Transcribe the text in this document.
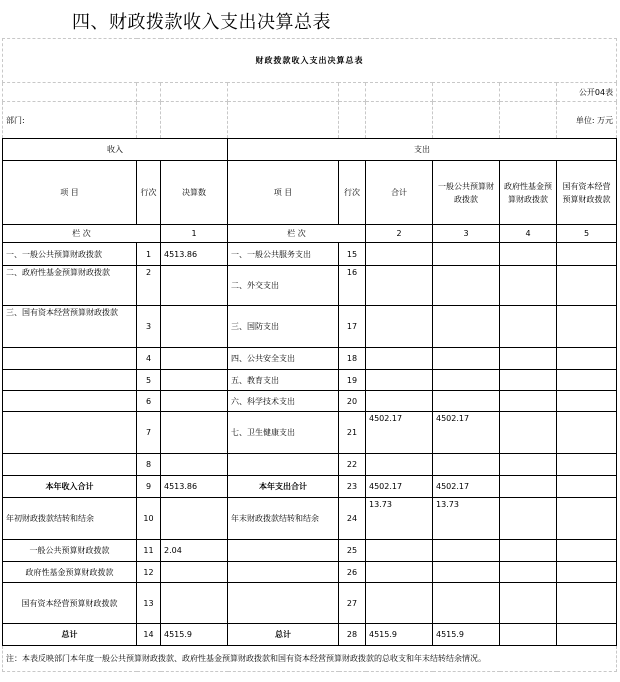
四、财政拨款收入支出决算总表
财政拨款收入支出决算总表								
								公开04表
部门:								单位: 万元
收入			支出					
项 目	行次	决算数	项 目	行次	合计	一般公共预算财政拨款	政府性基金预算财政拨款	国有资本经营预算财政拨款
栏 次		1	栏 次		2	3	4	5
一、一般公共预算财政拨款	1	4513.86	一、一般公共服务支出	15				
二、政府性基金预算财政拨款	2		二、外交支出	16				
三、国有资本经营预算财政拨款	3		三、国防支出	17				
	4		四、公共安全支出	18				
	5		五、教育支出	19				
	6		六、科学技术支出	20				
	7		七、卫生健康支出	21	4502.17	4502.17		
	8			22				
本年收入合计	9	4513.86	本年支出合计	23	4502.17	4502.17		
年初财政拨款结转和结余	10		年末财政拨款结转和结余	24	13.73	13.73		
一般公共预算财政拨款	11	2.04		25				
政府性基金预算财政拨款	12			26				
国有资本经营预算财政拨款	13			27				
总计	14	4515.9	总计	28	4515.9	4515.9		
注：本表反映部门本年度一般公共预算财政拨款、政府性基金预算财政拨款和国有资本经营预算财政拨款的总收支和年末结转结余情况。								
